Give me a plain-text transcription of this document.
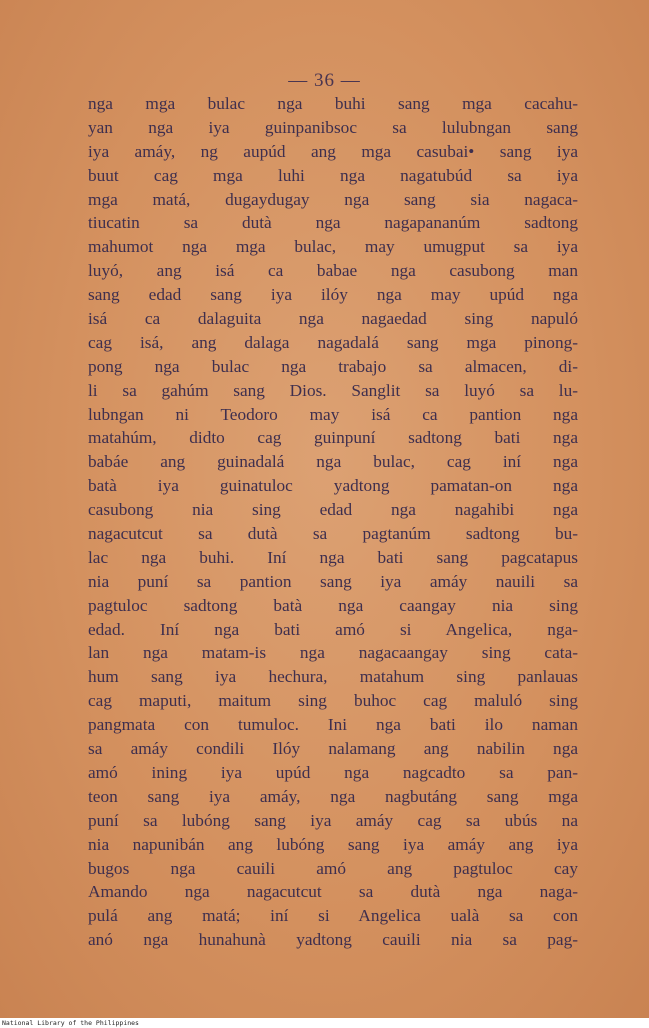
— 36 —
nga mga bulac nga buhi sang mga cacahu-
yan nga iya guinpanibsoc sa lulubngan sang
iya amáy, ng aupúd ang mga casubai• sang iya
buut cag mga luhi nga nagatubúd sa iya
mga matá, dugaydugay nga sang sia nagaca-
tiucatin sa dutà nga nagapananúm sadtong
mahumot nga mga bulac, may umugput sa iya
luyó, ang isá ca babae nga casubong man
sang edad sang iya ilóy nga may upúd nga
isá ca dalaguita nga nagaedad sing napuló
cag isá, ang dalaga nagadalá sang mga pinong-
pong nga bulac nga trabajo sa almacen, di-
li sa gahúm sang Dios. Sanglit sa luyó sa lu-
lubngan ni Teodoro may isá ca pantion nga
matahúm, didto cag guinpuní sadtong bati nga
babáe ang guinadalá nga bulac, cag iní nga
batà iya guinatuloc yadtong pamatan-on nga
casubong nia sing edad nga nagahibi nga
nagacutcut sa dutà sa pagtanúm sadtong bu-
lac nga buhi. Iní nga bati sang pagcatapus
nia puní sa pantion sang iya amáy nauili sa
pagtuloc sadtong batà nga caangay nia sing
edad. Iní nga bati amó si Angelica, nga-
lan nga matam-is nga nagacaangay sing cata-
hum sang iya hechura, matahum sing panlauas
cag maputi, maitum sing buhoc cag maluló sing
pangmata con tumuloc. Ini nga bati ilo naman
sa amáy condili Ilóy nalamang ang nabilin nga
amó ining iya upúd nga nagcadto sa pan-
teon sang iya amáy, nga nagbutáng sang mga
puní sa lubóng sang iya amáy cag sa ubús na
nia napunibán ang lubóng sang iya amáy ang iya
bugos nga cauili amó ang pagtuloc cay
Amando nga nagacutcut sa dutà nga naga-
pulá ang matá; iní si Angelica ualà sa con
anó nga hunahunà yadtong cauili nia sa pag-
National Library of the Philippines
